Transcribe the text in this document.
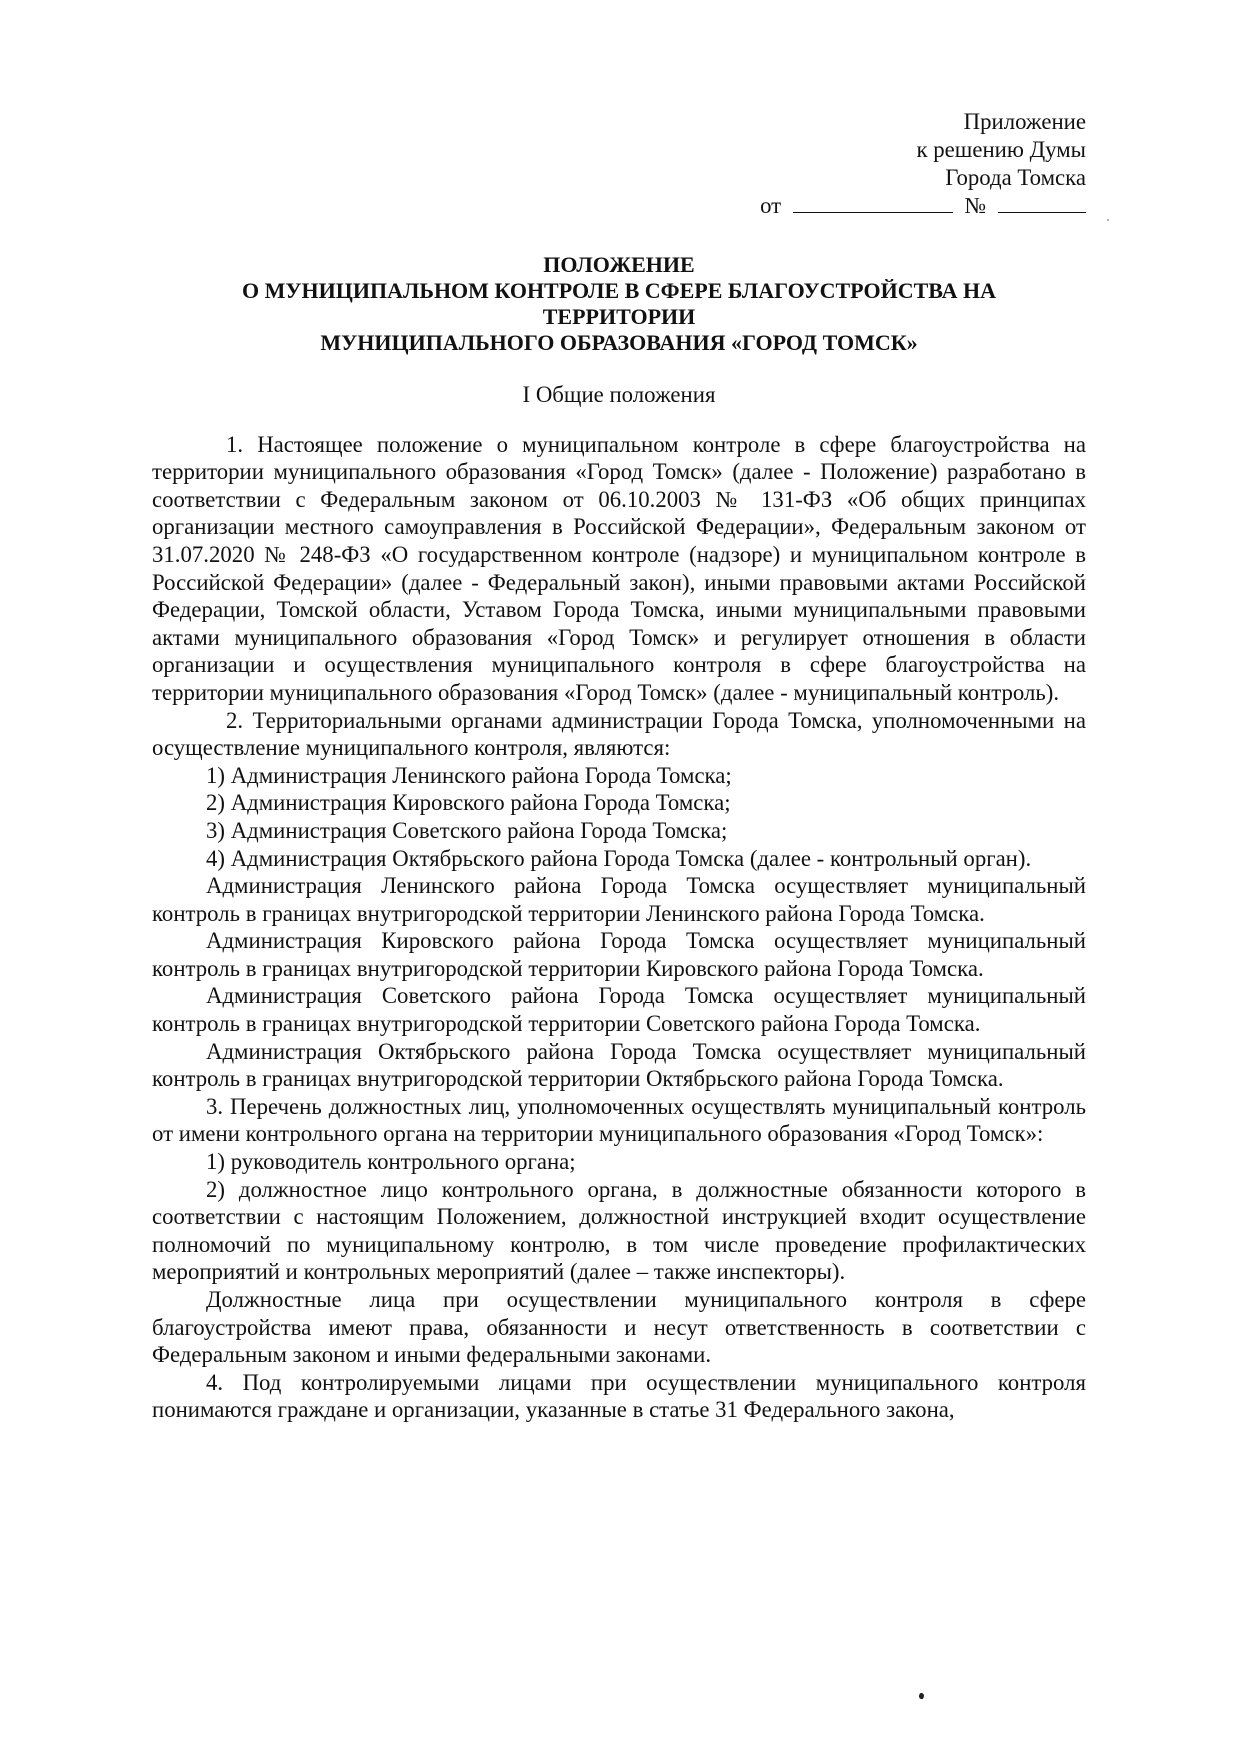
Приложение
к решению Думы
Города Томска
от	№
ПОЛОЖЕНИЕ
О МУНИЦИПАЛЬНОМ КОНТРОЛЕ В СФЕРЕ БЛАГОУСТРОЙСТВА НА
ТЕРРИТОРИИ
МУНИЦИПАЛЬНОГО ОБРАЗОВАНИЯ «ГОРОД ТОМСК»
I Общие положения

1. Настоящее положение о муниципальном контроле в сфере благоустройства на территории муниципального образования «Город Томск» (далее - Положение) разработано в соответствии с Федеральным законом от 06.10.2003 № 131-ФЗ «Об общих принципах организации местного самоуправления в Российской Федерации», Федеральным законом от 31.07.2020 № 248-ФЗ «О государственном контроле (надзоре) и муниципальном контроле в Российской Федерации» (далее - Федеральный закон), иными правовыми актами Российской Федерации, Томской области, Уставом Города Томска, иными муниципальными правовыми актами муниципального образования «Город Томск» и регулирует отношения в области организации и осуществления муниципального контроля в сфере благоустройства на территории муниципального образования «Город Томск» (далее - муниципальный контроль).

2. Территориальными органами администрации Города Томска, уполномоченными на осуществление муниципального контроля, являются:

1) Администрация Ленинского района Города Томска;

2) Администрация Кировского района Города Томска;

3) Администрация Советского района Города Томска;

4) Администрация Октябрьского района Города Томска (далее - контрольный орган).

Администрация Ленинского района Города Томска осуществляет муниципальный контроль в границах внутригородской территории Ленинского района Города Томска.

Администрация Кировского района Города Томска осуществляет муниципальный контроль в границах внутригородской территории Кировского района Города Томска.

Администрация Советского района Города Томска осуществляет муниципальный контроль в границах внутригородской территории Советского района Города Томска.

Администрация Октябрьского района Города Томска осуществляет муниципальный контроль в границах внутригородской территории Октябрьского района Города Томска.

3. Перечень должностных лиц, уполномоченных осуществлять муниципальный контроль от имени контрольного органа на территории муниципального образования «Город Томск»:

1) руководитель контрольного органа;

2) должностное лицо контрольного органа, в должностные обязанности которого в соответствии с настоящим Положением, должностной инструкцией входит осуществление полномочий по муниципальному контролю, в том числе проведение профилактических мероприятий и контрольных мероприятий (далее – также инспекторы).

Должностные лица при осуществлении муниципального контроля в сфере благоустройства имеют права, обязанности и несут ответственность в соответствии с Федеральным законом и иными федеральными законами.

4. Под контролируемыми лицами при осуществлении муниципального контроля понимаются граждане и организации, указанные в статье 31 Федерального закона,
